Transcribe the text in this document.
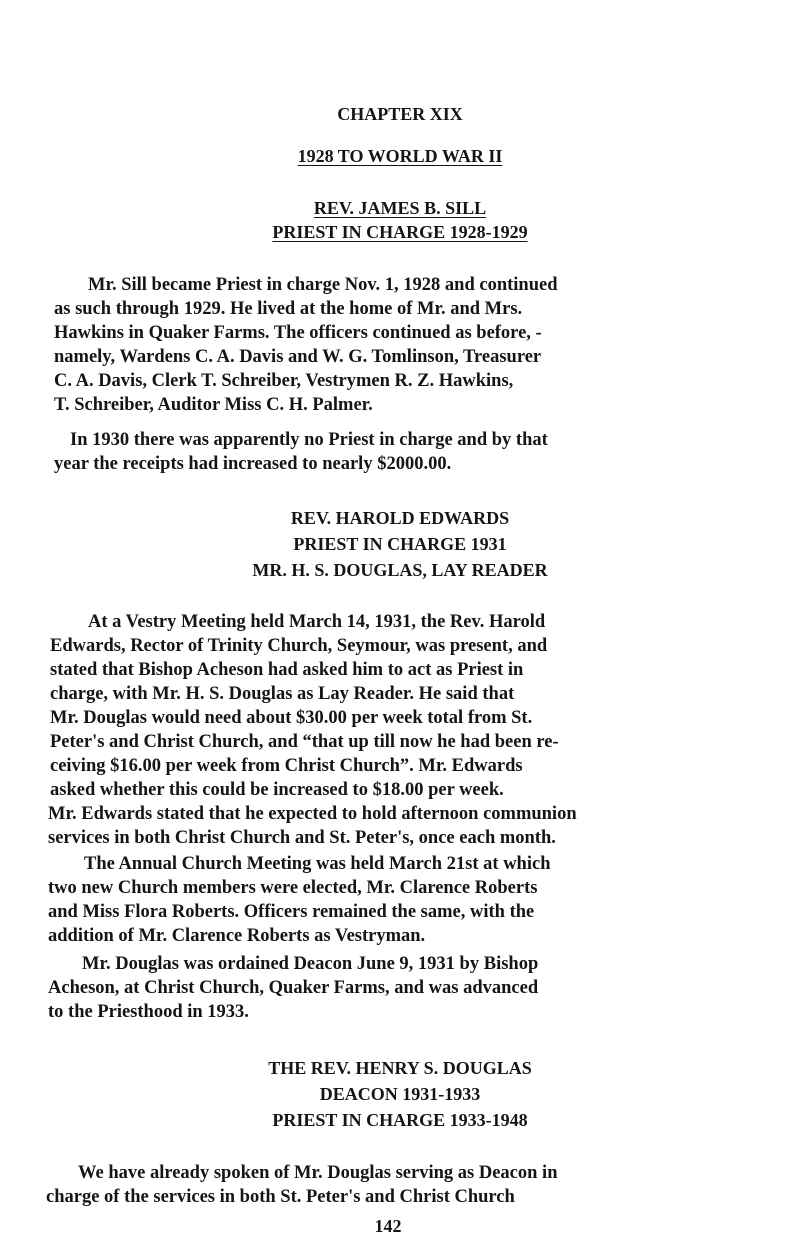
CHAPTER XIX
1928 TO WORLD WAR II
REV. JAMES B. SILL
PRIEST IN CHARGE 1928-1929
Mr. Sill became Priest in charge Nov. 1, 1928 and continued
as such through 1929. He lived at the home of Mr. and Mrs.
Hawkins in Quaker Farms. The officers continued as before, -
namely, Wardens C. A. Davis and W. G. Tomlinson, Treasurer
C. A. Davis, Clerk T. Schreiber, Vestrymen R. Z. Hawkins,
T. Schreiber, Auditor Miss C. H. Palmer.
In 1930 there was apparently no Priest in charge and by that
year the receipts had increased to nearly $2000.00.
REV. HAROLD EDWARDS
PRIEST IN CHARGE 1931
MR. H. S. DOUGLAS, LAY READER
At a Vestry Meeting held March 14, 1931, the Rev. Harold
Edwards, Rector of Trinity Church, Seymour, was present, and
stated that Bishop Acheson had asked him to act as Priest in
charge, with Mr. H. S. Douglas as Lay Reader. He said that
Mr. Douglas would need about $30.00 per week total from St.
Peter's and Christ Church, and “that up till now he had been re-
ceiving $16.00 per week from Christ Church”. Mr. Edwards
asked whether this could be increased to $18.00 per week.
Mr. Edwards stated that he expected to hold afternoon communion
services in both Christ Church and St. Peter's, once each month.
The Annual Church Meeting was held March 21st at which
two new Church members were elected, Mr. Clarence Roberts
and Miss Flora Roberts. Officers remained the same, with the
addition of Mr. Clarence Roberts as Vestryman.
Mr. Douglas was ordained Deacon June 9, 1931 by Bishop
Acheson, at Christ Church, Quaker Farms, and was advanced
to the Priesthood in 1933.
THE REV. HENRY S. DOUGLAS
DEACON 1931-1933
PRIEST IN CHARGE 1933-1948
We have already spoken of Mr. Douglas serving as Deacon in
charge of the services in both St. Peter's and Christ Church
142
